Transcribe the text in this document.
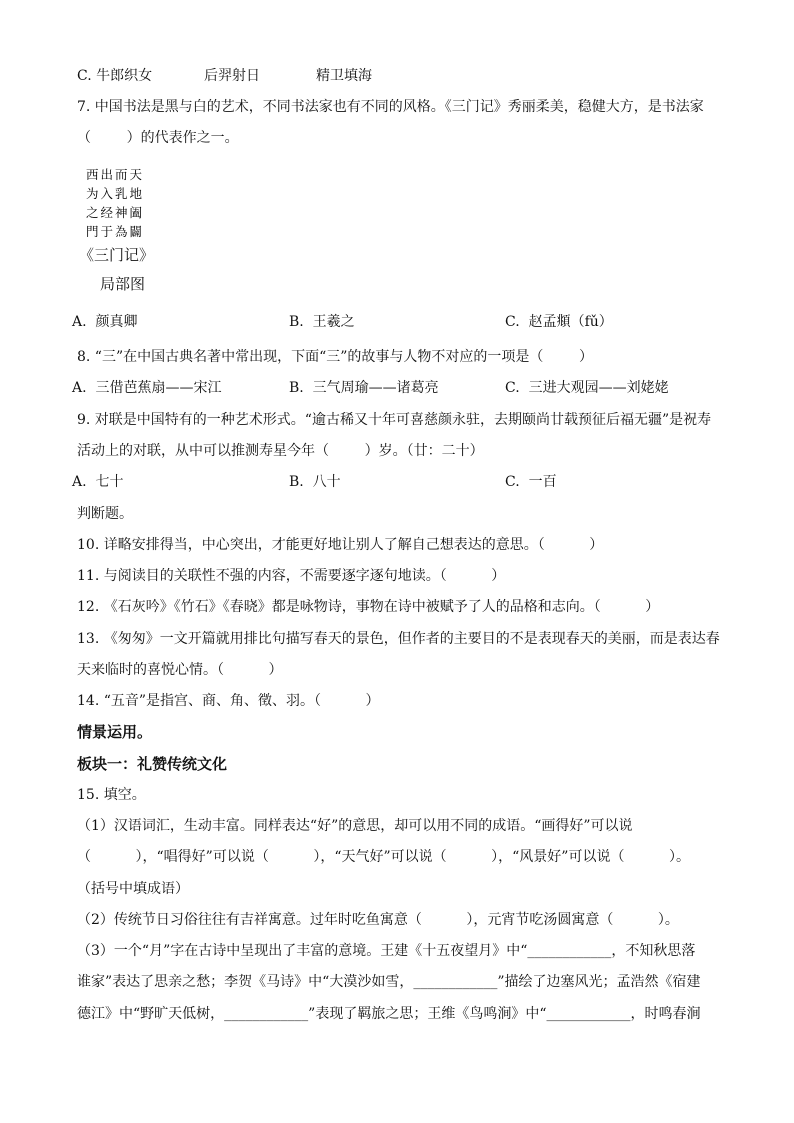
C. 牛郎织女	后羿射日	精卫填海
7. 中国书法是黑与白的艺术，不同书法家也有不同的风格。《三门记》秀丽柔美，稳健大方，是书法家
（        ）的代表作之一。
西出而天
为入乳地
之经神阖
門于為闢
《三门记》
局部图
A.  颜真卿	B.  王羲之	C.  赵孟頫（fǔ）
8. “三”在中国古典名著中常出现，下面“三”的故事与人物不对应的一项是（        ）
A.  三借芭蕉扇——宋江	B.  三气周瑜——诸葛亮	C.  三进大观园——刘姥姥
9. 对联是中国特有的一种艺术形式。“逾古稀又十年可喜慈颜永驻，去期颐尚廿载预征后福无疆”是祝寿
活动上的对联，从中可以推测寿星今年（        ）岁。（廿：二十）
A.  七十	B.  八十	C.  一百
判断题。
10. 详略安排得当，中心突出，才能更好地让别人了解自己想表达的意思。（          ）
11. 与阅读目的关联性不强的内容，不需要逐字逐句地读。（          ）
12. 《石灰吟》《竹石》《春晓》都是咏物诗，事物在诗中被赋予了人的品格和志向。（          ）
13. 《匆匆》一文开篇就用排比句描写春天的景色，但作者的主要目的不是表现春天的美丽，而是表达春
天来临时的喜悦心情。（          ）
14. “五音”是指宫、商、角、徵、羽。（          ）
情景运用。
板块一：礼赞传统文化
15. 填空。
（1）汉语词汇，生动丰富。同样表达“好”的意思，却可以用不同的成语。“画得好”可以说
（          ），“唱得好”可以说（          ），“天气好”可以说（          ），“风景好”可以说（          ）。
（括号中填成语）
（2）传统节日习俗往往有吉祥寓意。过年时吃鱼寓意（          ），元宵节吃汤圆寓意（          ）。
（3）一个“月”字在古诗中呈现出了丰富的意境。王建《十五夜望月》中“____________，不知秋思落
谁家”表达了思亲之愁；李贺《马诗》中“大漠沙如雪，____________”描绘了边塞风光；孟浩然《宿建
德江》中“野旷天低树，____________”表现了羁旅之思；王维《鸟鸣涧》中“____________，时鸣春涧
